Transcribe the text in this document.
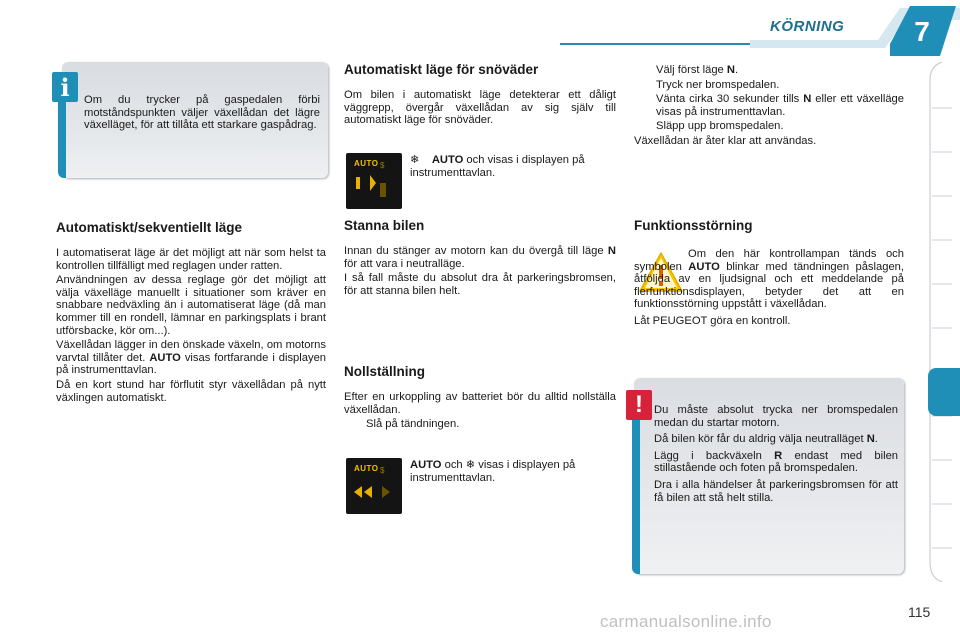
KÖRNING	7

Om du trycker på gaspedalen förbi motståndspunkten väljer växellådan det lägre växelläget, för att tillåta ett starkare gaspådrag.

i
Automatiskt/sekventiellt läge

I automatiserat läge är det möjligt att när som helst ta kontrollen tillfälligt med reglagen under ratten.

Användningen av dessa reglage gör det möjligt att välja växelläge manuellt i situationer som kräver en snabbare nedväxling än i automatiserat läge (då man kommer till en rondell, lämnar en parkingsplats i brant utförsbacke, kör om...).

Växellådan lägger in den önskade växeln, om motorns varvtal tillåter det. AUTO visas fortfarande i displayen på instrumenttavlan.

Då en kort stund har förflutit styr växellådan på nytt växlingen automatiskt.

Automatiskt läge för snöväder

Om bilen i automatiskt läge detekterar ett dåligt väggrepp, övergår växellådan av sig själv till automatiskt läge för snöväder.

AUTO $ ❄ AUTO och visas i displayen på instrumenttavlan.
Stanna bilen

Innan du stänger av motorn kan du övergå till läge N för att vara i neutralläge.

I så fall måste du absolut dra åt parkeringsbromsen, för att stanna bilen helt.

Nollställning

Efter en urkoppling av batteriet bör du alltid nollställa växellådan.

Slå på tändningen.
AUTO $ AUTO och ❄ visas i displayen på instrumenttavlan.
Välj först läge N.
Tryck ner bromspedalen.
Vänta cirka 30 sekunder tills N eller ett växelläge visas på instrumenttavlan.
Släpp upp bromspedalen.

Växellådan är åter klar att användas.

Funktionsstörning

Om den här kontrollampan tänds och symbolen AUTO blinkar med tändningen påslagen, åtföljda av en ljudsignal och ett meddelande på flerfunktionsdisplayen, betyder det att en funktionsstörning uppstått i växellådan.

Låt PEUGEOT göra en kontroll.

Du måste absolut trycka ner bromspedalen medan du startar motorn.

Då bilen kör får du aldrig välja neutralläget N.

Lägg i backväxeln R endast med bilen stillastående och foten på bromspedalen.

Dra i alla händelser åt parkeringsbromsen för att få bilen att stå helt stilla.

!
115
carmanualsonline.info
